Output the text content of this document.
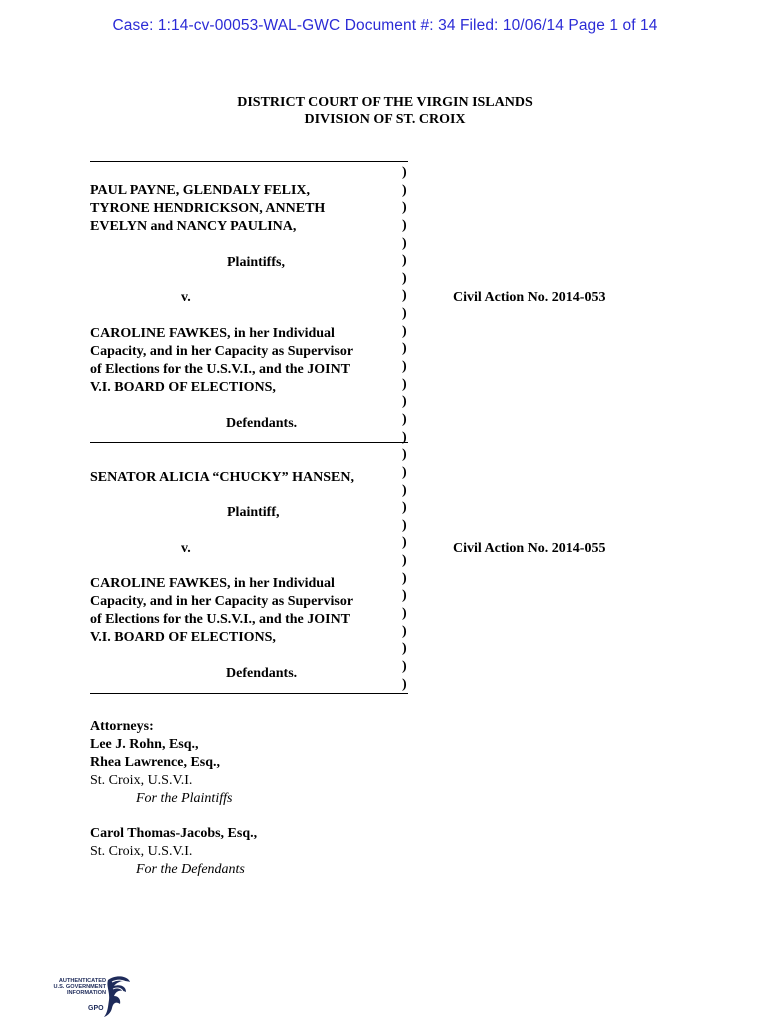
Case: 1:14-cv-00053-WAL-GWC Document #: 34 Filed: 10/06/14 Page 1 of 14
DISTRICT COURT OF THE VIRGIN ISLANDS
DIVISION OF ST. CROIX
PAUL PAYNE, GLENDALY FELIX,
TYRONE HENDRICKSON, ANNETH
EVELYN and NANCY PAULINA,
Plaintiffs,
v.
CAROLINE FAWKES, in her Individual
Capacity, and in her Capacity as Supervisor
of Elections for the U.S.V.I., and the JOINT
V.I. BOARD OF ELECTIONS,
Defendants.
Civil Action No. 2014-053
SENATOR ALICIA “CHUCKY” HANSEN,
Plaintiff,
v.
CAROLINE FAWKES, in her Individual
Capacity, and in her Capacity as Supervisor
of Elections for the U.S.V.I., and the JOINT
V.I. BOARD OF ELECTIONS,
Defendants.
Civil Action No. 2014-055
)
)
)
)
)
)
)
)
)
)
)
)
)
)
)
)
)
)
)
)
)
)
)
)
)
)
)
)
)
)
Attorneys:
Lee J. Rohn, Esq.,
Rhea Lawrence, Esq.,
St. Croix, U.S.V.I.
For the Plaintiffs
Carol Thomas-Jacobs, Esq.,
St. Croix, U.S.V.I.
For the Defendants
AUTHENTICATED
U.S. GOVERNMENT
INFORMATION
GPO
